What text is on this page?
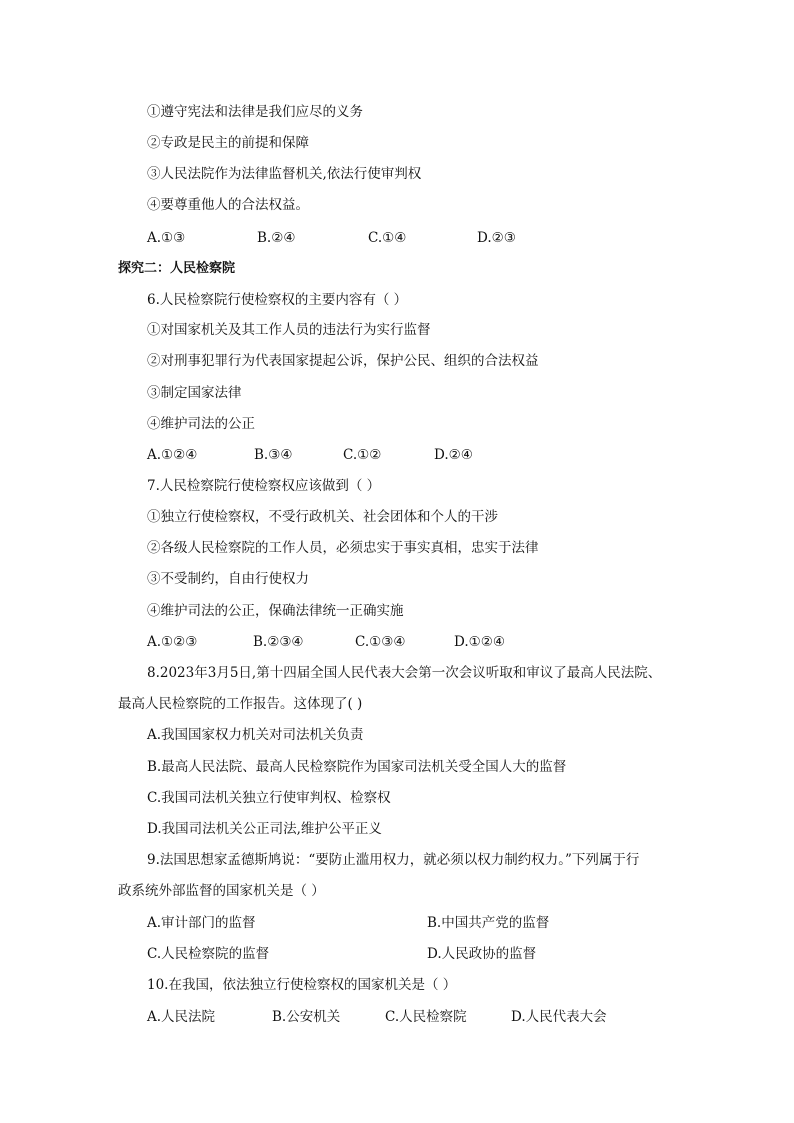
①遵守宪法和法律是我们应尽的义务
②专政是民主的前提和保障
③人民法院作为法律监督机关,依法行使审判权
④要尊重他人的合法权益。
A.①③	B.②④	C.①④	D.②③
探究二：人民检察院
6.人民检察院行使检察权的主要内容有（ ）
①对国家机关及其工作人员的违法行为实行监督
②对刑事犯罪行为代表国家提起公诉，保护公民、组织的合法权益
③制定国家法律
④维护司法的公正
A.①②④	B.③④	C.①②	D.②④
7.人民检察院行使检察权应该做到（ ）
①独立行使检察权，不受行政机关、社会团体和个人的干涉
②各级人民检察院的工作人员，必须忠实于事实真相，忠实于法律
③不受制约，自由行使权力
④维护司法的公正，保确法律统一正确实施
A.①②③	B.②③④	C.①③④	D.①②④
8.2023年3月5日,第十四届全国人民代表大会第一次会议听取和审议了最高人民法院、
最高人民检察院的工作报告。这体现了( )
A.我国国家权力机关对司法机关负责
B.最高人民法院、最高人民检察院作为国家司法机关受全国人大的监督
C.我国司法机关独立行使审判权、检察权
D.我国司法机关公正司法,维护公平正义
9.法国思想家孟德斯鸠说：“要防止滥用权力，就必须以权力制约权力。”下列属于行
政系统外部监督的国家机关是（ ）
A.审计部门的监督	B.中国共产党的监督
C.人民检察院的监督	D.人民政协的监督
10.在我国，依法独立行使检察权的国家机关是（ ）
A.人民法院	B.公安机关	C.人民检察院	D.人民代表大会
